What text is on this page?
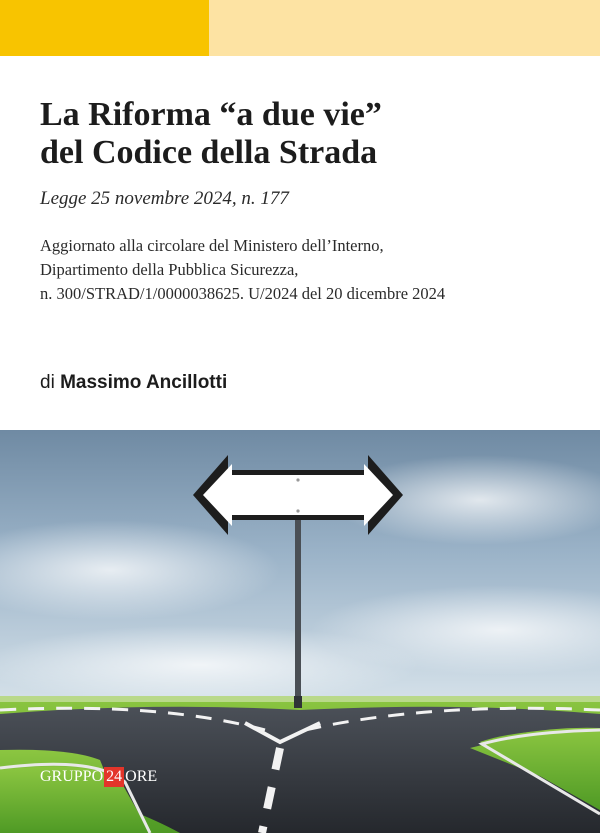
La Riforma “a due vie”
del Codice della Strada
Legge 25 novembre 2024, n. 177
Aggiornato alla circolare del Ministero dell’Interno,
Dipartimento della Pubblica Sicurezza,
n. 300/STRAD/1/0000038625. U/2024 del 20 dicembre 2024
di Massimo Ancillotti
GRUPPO 24 ORE
